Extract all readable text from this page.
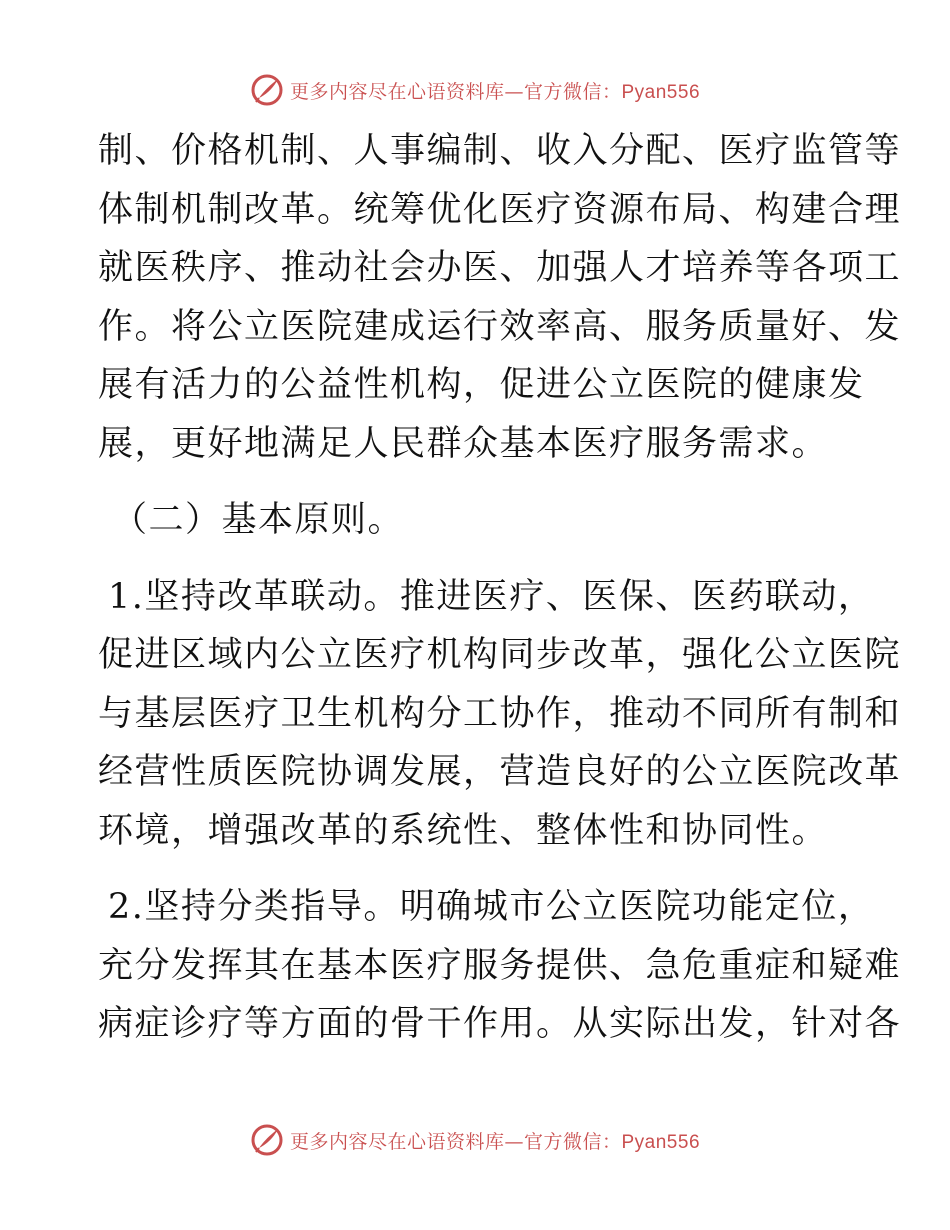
更多内容尽在心语资料库—官方微信：Pyan556

制、价格机制、人事编制、收入分配、医疗监管等
体制机制改革。统筹优化医疗资源布局、构建合理
就医秩序、推动社会办医、加强人才培养等各项工
作。将公立医院建成运行效率高、服务质量好、发
展有活力的公益性机构，促进公立医院的健康发
展，更好地满足人民群众基本医疗服务需求。

（二）基本原则。

1.坚持改革联动。推进医疗、医保、医药联动，
促进区域内公立医疗机构同步改革，强化公立医院
与基层医疗卫生机构分工协作，推动不同所有制和
经营性质医院协调发展，营造良好的公立医院改革
环境，增强改革的系统性、整体性和协同性。

2.坚持分类指导。明确城市公立医院功能定位，
充分发挥其在基本医疗服务提供、急危重症和疑难
病症诊疗等方面的骨干作用。从实际出发，针对各

更多内容尽在心语资料库—官方微信：Pyan556
